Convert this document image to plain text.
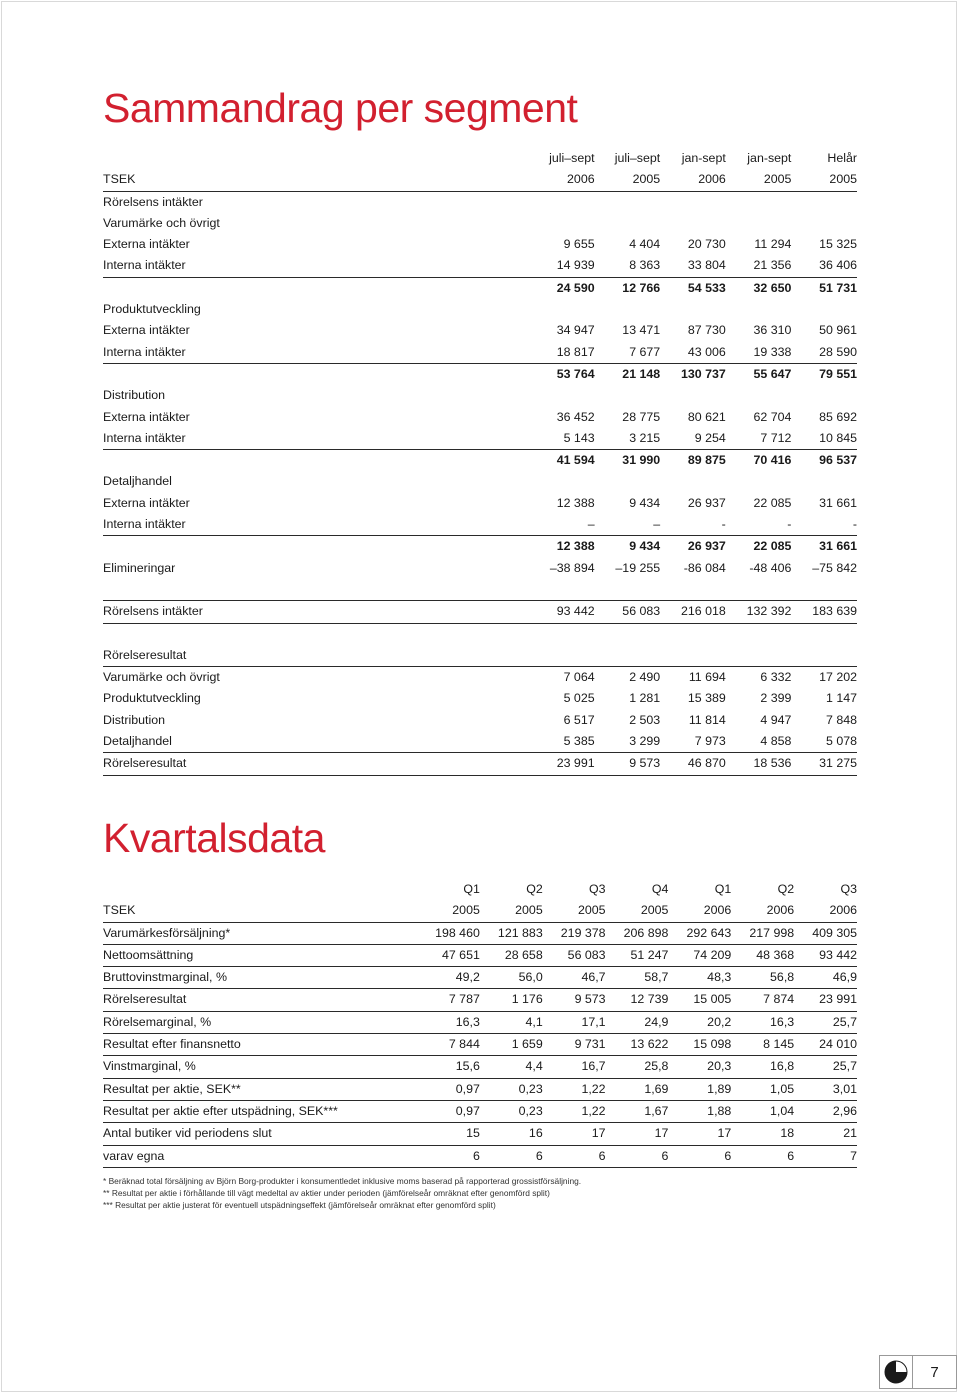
Sammandrag per segment
	juli–sept	juli–sept	jan-sept	jan-sept	Helår
TSEK	2006	2005	2006	2005	2005
Rörelsens intäkter					
Varumärke och övrigt					
Externa intäkter	9 655	4 404	20 730	11 294	15 325
Interna intäkter	14 939	8 363	33 804	21 356	36 406
	24 590	12 766	54 533	32 650	51 731
Produktutveckling					
Externa intäkter	34 947	13 471	87 730	36 310	50 961
Interna intäkter	18 817	7 677	43 006	19 338	28 590
	53 764	21 148	130 737	55 647	79 551
Distribution					
Externa intäkter	36 452	28 775	80 621	62 704	85 692
Interna intäkter	5 143	3 215	9 254	7 712	10 845
	41 594	31 990	89 875	70 416	96 537
Detaljhandel					
Externa intäkter	12 388	9 434	26 937	22 085	31 661
Interna intäkter	–	–	-	-	-
	12 388	9 434	26 937	22 085	31 661
Elimineringar	–38 894	–19 255	-86 084	-48 406	–75 842

Rörelsens intäkter	93 442	56 083	216 018	132 392	183 639

Rörelseresultat					
Varumärke och övrigt	7 064	2 490	11 694	6 332	17 202
Produktutveckling	5 025	1 281	15 389	2 399	1 147
Distribution	6 517	2 503	11 814	4 947	7 848
Detaljhandel	5 385	3 299	7 973	4 858	5 078
Rörelseresultat	23 991	9 573	46 870	18 536	31 275
Kvartalsdata
	Q1	Q2	Q3	Q4	Q1	Q2	Q3
TSEK	2005	2005	2005	2005	2006	2006	2006
Varumärkesförsäljning*	198 460	121 883	219 378	206 898	292 643	217 998	409 305
Nettoomsättning	47 651	28 658	56 083	51 247	74 209	48 368	93 442
Bruttovinstmarginal, %	49,2	56,0	46,7	58,7	48,3	56,8	46,9
Rörelseresultat	7 787	1 176	9 573	12 739	15 005	7 874	23 991
Rörelsemarginal, %	16,3	4,1	17,1	24,9	20,2	16,3	25,7
Resultat efter finansnetto	7 844	1 659	9 731	13 622	15 098	8 145	24 010
Vinstmarginal, %	15,6	4,4	16,7	25,8	20,3	16,8	25,7
Resultat per aktie, SEK**	0,97	0,23	1,22	1,69	1,89	1,05	3,01
Resultat per aktie efter utspädning, SEK***	0,97	0,23	1,22	1,67	1,88	1,04	2,96
Antal butiker vid periodens slut	15	16	17	17	17	18	21
varav egna	6	6	6	6	6	6	7

* Beräknad total försäljning av Björn Borg-produkter i konsumentledet inklusive moms baserad på rapporterad grossistförsäljning.

** Resultat per aktie i förhållande till vägt medeltal av aktier under perioden (jämförelseår omräknat efter genomförd split)

*** Resultat per aktie justerat för eventuell utspädningseffekt (jämförelseår omräknat efter genomförd split)

7
